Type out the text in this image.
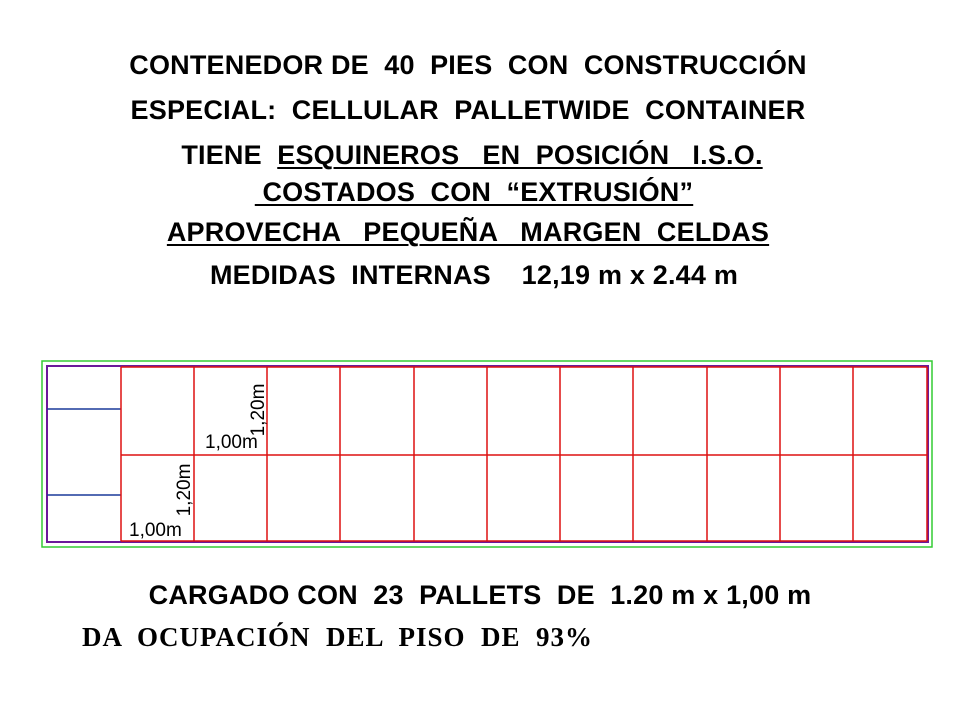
CONTENEDOR DE  40  PIES  CON  CONSTRUCCIÓN
ESPECIAL:  CELLULAR  PALLETWIDE  CONTAINER
TIENE  ESQUINEROS   EN  POSICIÓN   I.S.O.
COSTADOS  CON  “EXTRUSIÓN”
APROVECHA   PEQUEÑA   MARGEN  CELDAS
MEDIDAS  INTERNAS    12,19 m x 2.44 m
1,00m
1,20m
1,00m
1,20m
CARGADO CON  23  PALLETS  DE  1.20 m x 1,00 m
DA  OCUPACIÓN  DEL  PISO  DE  93%
